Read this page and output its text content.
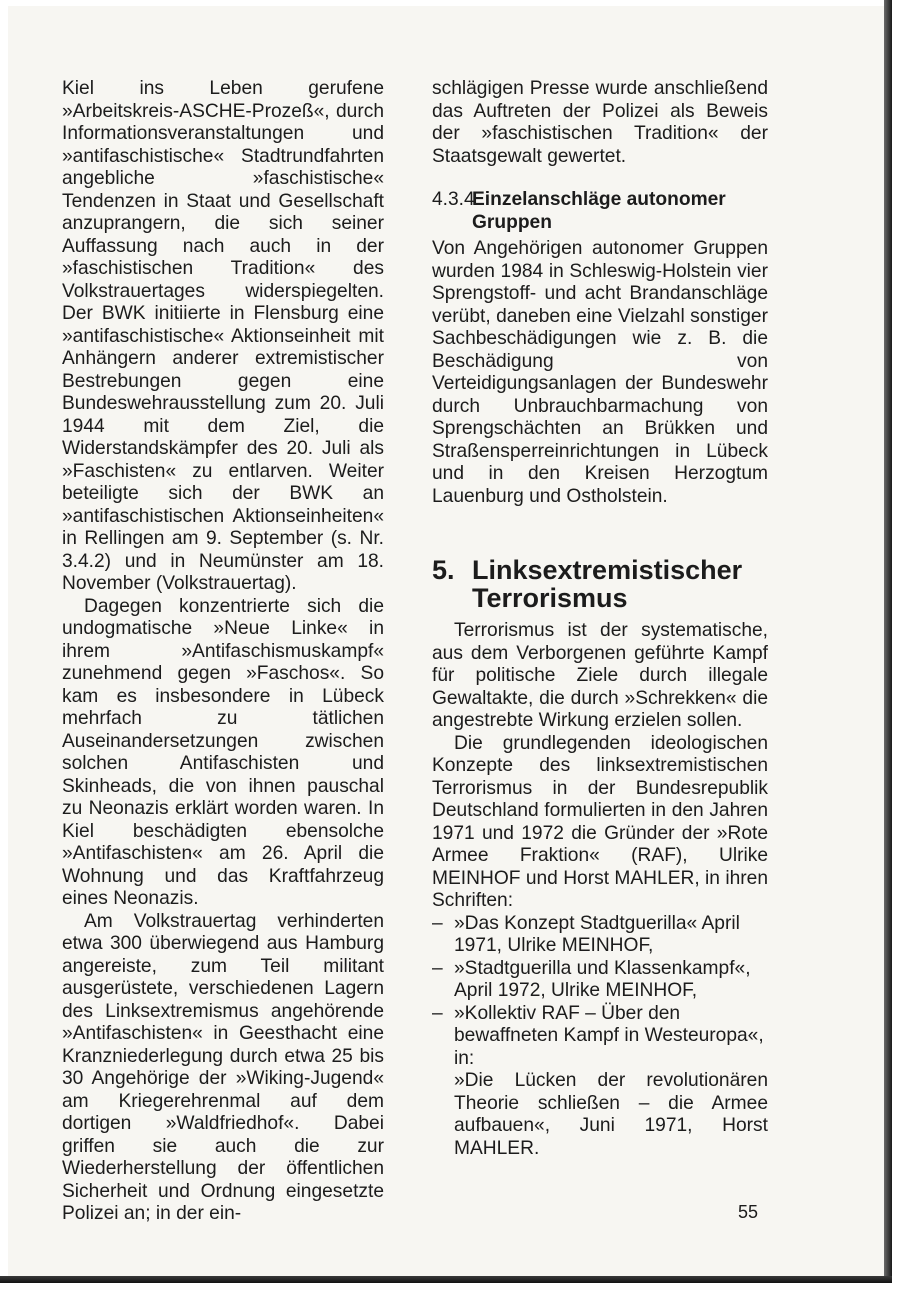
Kiel ins Leben gerufene »Arbeitskreis-ASCHE-Prozeß«, durch Informationsveranstaltungen und »antifaschistische« Stadtrundfahrten angebliche »faschistische« Tendenzen in Staat und Gesellschaft anzuprangern, die sich seiner Auffassung nach auch in der »faschistischen Tradition« des Volkstrauertages widerspiegelten. Der BWK initiierte in Flensburg eine »antifaschistische« Aktionseinheit mit Anhängern anderer extremistischer Bestrebungen gegen eine Bundeswehrausstellung zum 20. Juli 1944 mit dem Ziel, die Widerstandskämpfer des 20. Juli als »Faschisten« zu entlarven. Weiter beteiligte sich der BWK an »antifaschistischen Aktionseinheiten« in Rellingen am 9. September (s. Nr. 3.4.2) und in Neumünster am 18. November (Volkstrauertag).

Dagegen konzentrierte sich die undogmatische »Neue Linke« in ihrem »Antifaschismuskampf« zunehmend gegen »Faschos«. So kam es insbesondere in Lübeck mehrfach zu tätlichen Auseinandersetzungen zwischen solchen Antifaschisten und Skinheads, die von ihnen pauschal zu Neonazis erklärt worden waren. In Kiel beschädigten ebensolche »Antifaschisten« am 26. April die Wohnung und das Kraftfahrzeug eines Neonazis.

Am Volkstrauertag verhinderten etwa 300 überwiegend aus Hamburg angereiste, zum Teil militant ausgerüstete, verschiedenen Lagern des Linksextremismus angehörende »Antifaschisten« in Geesthacht eine Kranzniederlegung durch etwa 25 bis 30 Angehörige der »Wiking-Jugend« am Kriegerehrenmal auf dem dortigen »Waldfriedhof«. Dabei griffen sie auch die zur Wiederherstellung der öffentlichen Sicherheit und Ordnung eingesetzte Polizei an; in der ein-

schlägigen Presse wurde anschließend das Auftreten der Polizei als Beweis der »faschistischen Tradition« der Staatsgewalt gewertet.

4.3.4
Einzelanschläge autonomer Gruppen

Von Angehörigen autonomer Gruppen wurden 1984 in Schleswig-Holstein vier Sprengstoff- und acht Brandanschläge verübt, daneben eine Vielzahl sonstiger Sachbeschädigungen wie z. B. die Beschädigung von Verteidigungsanlagen der Bundeswehr durch Unbrauchbarmachung von Sprengschächten an Brükken und Straßensperreinrichtungen in Lübeck und in den Kreisen Herzogtum Lauenburg und Ostholstein.

5. Linksextremistischer Terrorismus

Terrorismus ist der systematische, aus dem Verborgenen geführte Kampf für politische Ziele durch illegale Gewaltakte, die durch »Schrekken« die angestrebte Wirkung erzielen sollen.

Die grundlegenden ideologischen Konzepte des linksextremistischen Terrorismus in der Bundesrepublik Deutschland formulierten in den Jahren 1971 und 1972 die Gründer der »Rote Armee Fraktion« (RAF), Ulrike MEINHOF und Horst MAHLER, in ihren Schriften:

– »Das Konzept Stadtguerilla« April 1971, Ulrike MEINHOF,
– »Stadtguerilla und Klassenkampf«, April 1972, Ulrike MEINHOF,
– »Kollektiv RAF – Über den bewaffneten Kampf in Westeuropa«, in:

»Die Lücken der revolutionären Theorie schließen – die Armee aufbauen«, Juni 1971, Horst MAHLER.

55
